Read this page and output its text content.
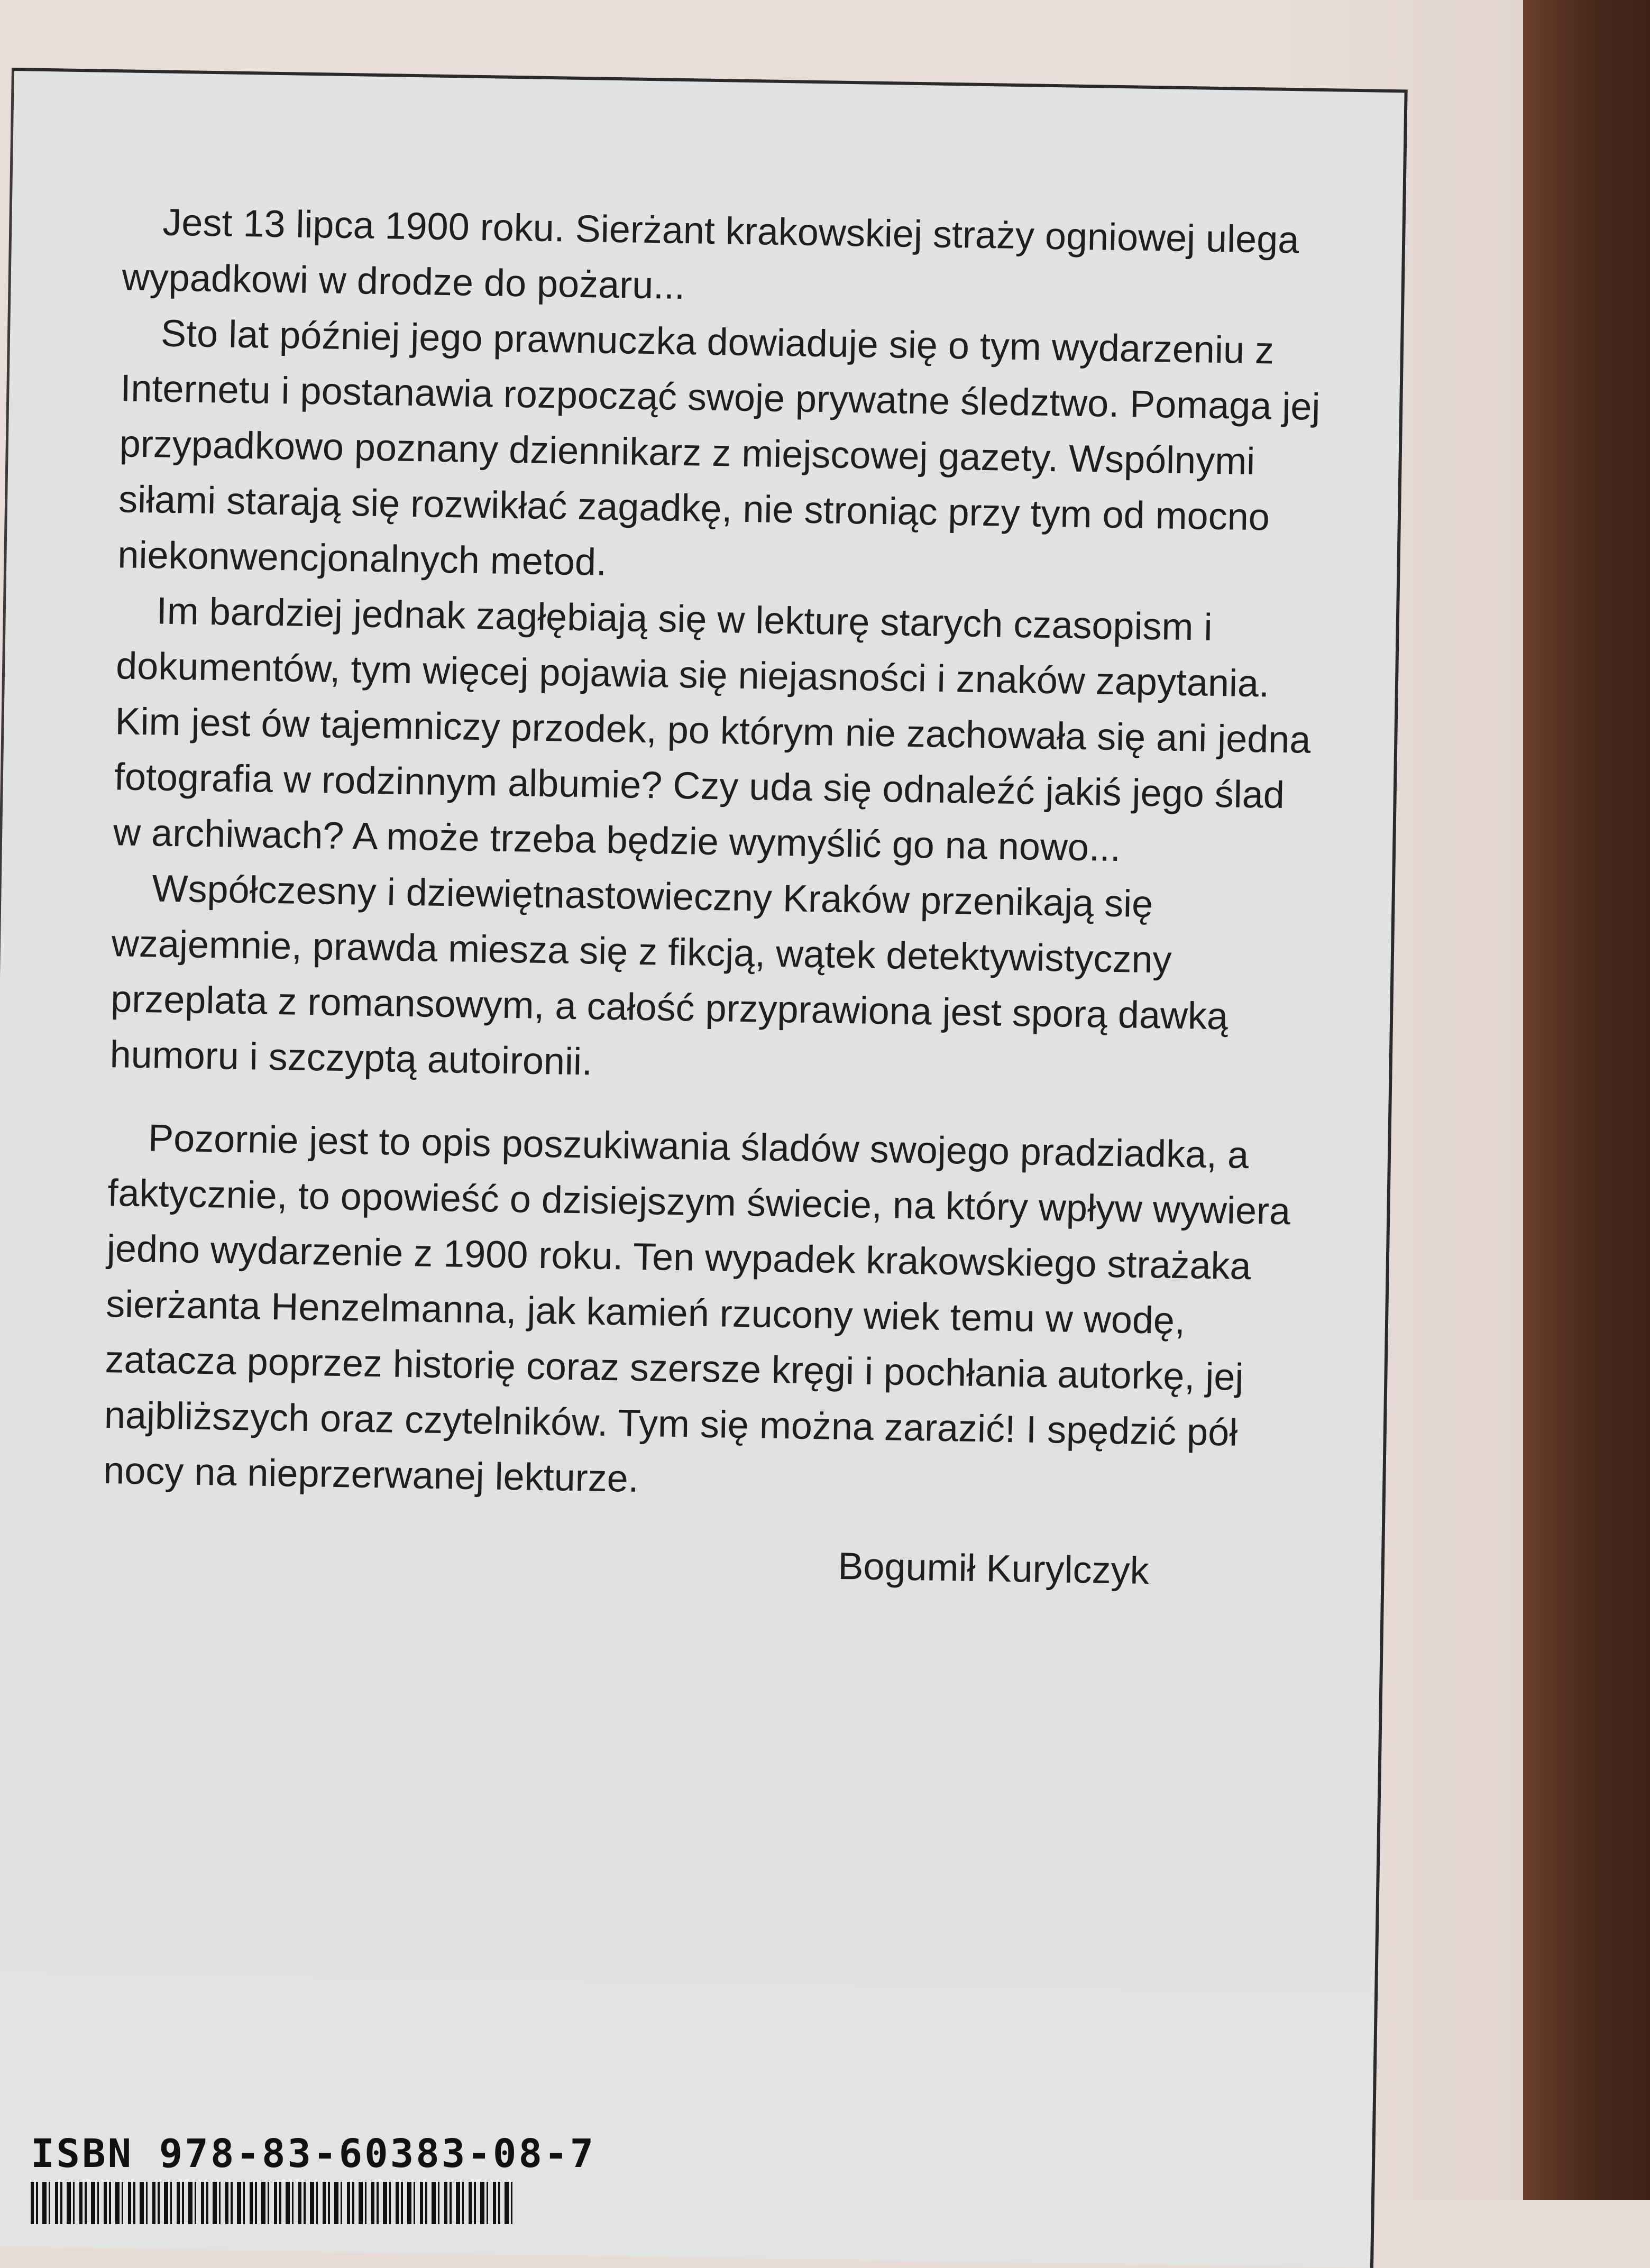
Jest 13 lipca 1900 roku. Sierżant krakowskiej straży ogniowej ulega wypadkowi w drodze do pożaru...

Sto lat później jego prawnuczka dowiaduje się o tym wydarzeniu z Internetu i postanawia rozpocząć swoje prywatne śledztwo. Pomaga jej przypadkowo poznany dziennikarz z miejscowej gazety. Wspólnymi siłami starają się rozwikłać zagadkę, nie stroniąc przy tym od mocno niekonwencjonalnych metod.

Im bardziej jednak zagłębiają się w lekturę starych czasopism i dokumentów, tym więcej pojawia się niejasności i znaków zapytania. Kim jest ów tajemniczy przodek, po którym nie zachowała się ani jedna fotografia w rodzinnym albumie? Czy uda się odnaleźć jakiś jego ślad w archiwach? A może trzeba będzie wymyślić go na nowo...

Współczesny i dziewiętnastowieczny Kraków przenikają się wzajemnie, prawda miesza się z fikcją, wątek detektywistyczny przeplata z romansowym, a całość przyprawiona jest sporą dawką humoru i szczyptą autoironii.

Pozornie jest to opis poszukiwania śladów swojego pradziadka, a faktycznie, to opowieść o dzisiejszym świecie, na który wpływ wywiera jedno wydarzenie z 1900 roku. Ten wypadek krakowskiego strażaka sierżanta Henzelmanna, jak kamień rzucony wiek temu w wodę, zatacza poprzez historię coraz szersze kręgi i pochłania autorkę, jej najbliższych oraz czytelników. Tym się można zarazić! I spędzić pół nocy na nieprzerwanej lekturze.

Bogumił Kurylczyk
ISBN 978-83-60383-08-7
